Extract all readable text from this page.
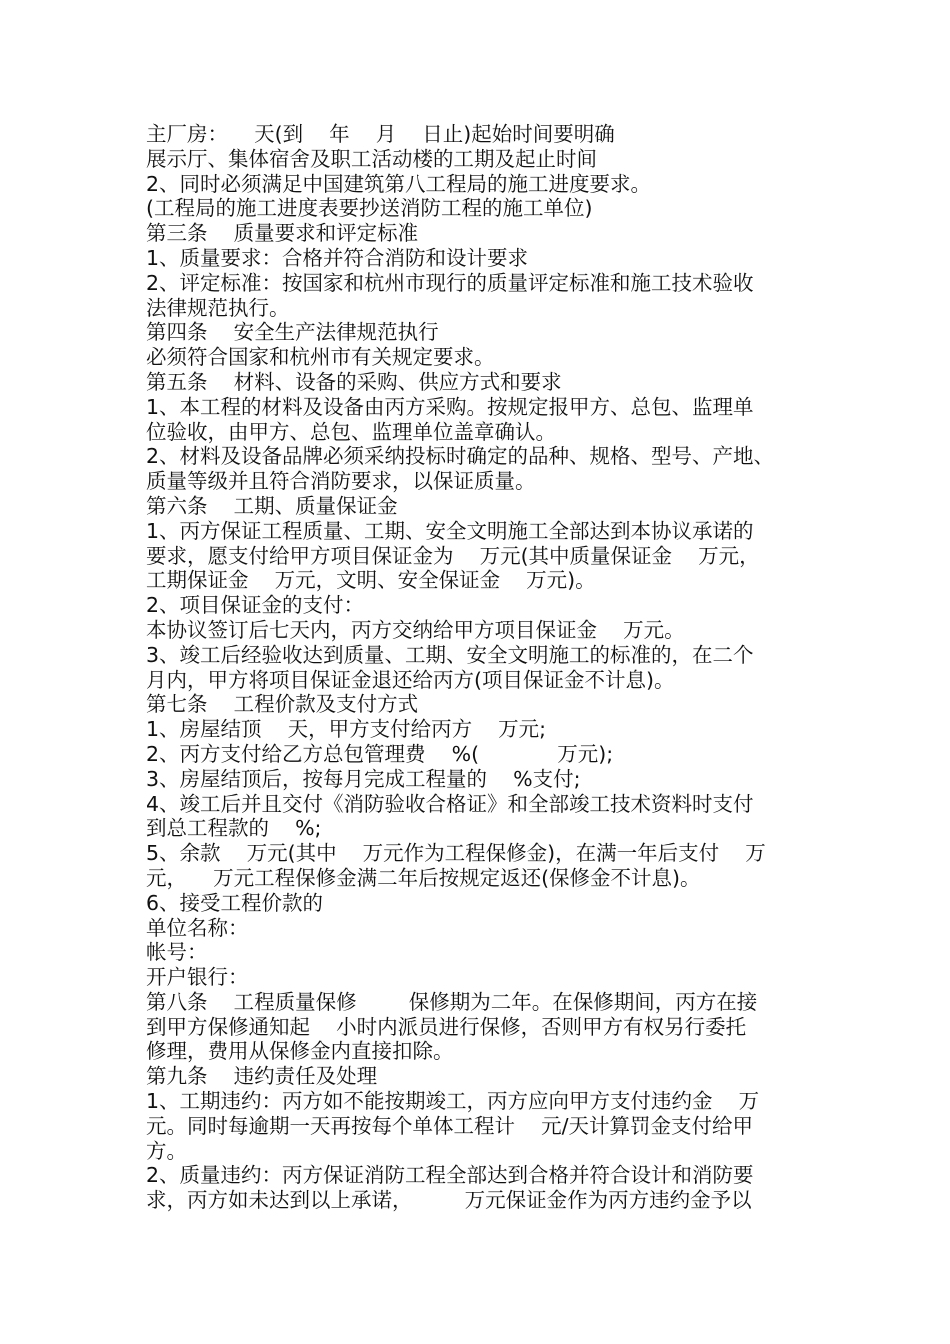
主厂房：    天(到    年    月    日止)起始时间要明确

展示厅、集体宿舍及职工活动楼的工期及起止时间

2、同时必须满足中国建筑第八工程局的施工进度要求。

(工程局的施工进度表要抄送消防工程的施工单位)

第三条    质量要求和评定标准

1、质量要求：合格并符合消防和设计要求

2、评定标准：按国家和杭州市现行的质量评定标准和施工技术验收

法律规范执行。

第四条    安全生产法律规范执行

必须符合国家和杭州市有关规定要求。

第五条    材料、设备的采购、供应方式和要求

1、本工程的材料及设备由丙方采购。按规定报甲方、总包、监理单

位验收，由甲方、总包、监理单位盖章确认。

2、材料及设备品牌必须采纳投标时确定的品种、规格、型号、产地、

质量等级并且符合消防要求，以保证质量。

第六条    工期、质量保证金

1、丙方保证工程质量、工期、安全文明施工全部达到本协议承诺的

要求，愿支付给甲方项目保证金为    万元(其中质量保证金    万元，

工期保证金    万元，文明、安全保证金    万元)。

2、项目保证金的支付：

本协议签订后七天内，丙方交纳给甲方项目保证金    万元。

3、竣工后经验收达到质量、工期、安全文明施工的标准的，在二个

月内，甲方将项目保证金退还给丙方(项目保证金不计息)。

第七条    工程价款及支付方式

1、房屋结顶    天，甲方支付给丙方    万元;

2、丙方支付给乙方总包管理费    %(            万元);

3、房屋结顶后，按每月完成工程量的    %支付;

4、竣工后并且交付《消防验收合格证》和全部竣工技术资料时支付

到总工程款的    %;

5、余款    万元(其中    万元作为工程保修金)，在满一年后支付    万

元，    万元工程保修金满二年后按规定返还(保修金不计息)。

6、接受工程价款的

单位名称：

帐号：

开户银行：

第八条    工程质量保修        保修期为二年。在保修期间，丙方在接

到甲方保修通知起    小时内派员进行保修，否则甲方有权另行委托

修理，费用从保修金内直接扣除。

第九条    违约责任及处理

1、工期违约：丙方如不能按期竣工，丙方应向甲方支付违约金    万

元。同时每逾期一天再按每个单体工程计    元/天计算罚金支付给甲

方。

2、质量违约：丙方保证消防工程全部达到合格并符合设计和消防要

求，丙方如未达到以上承诺，        万元保证金作为丙方违约金予以
